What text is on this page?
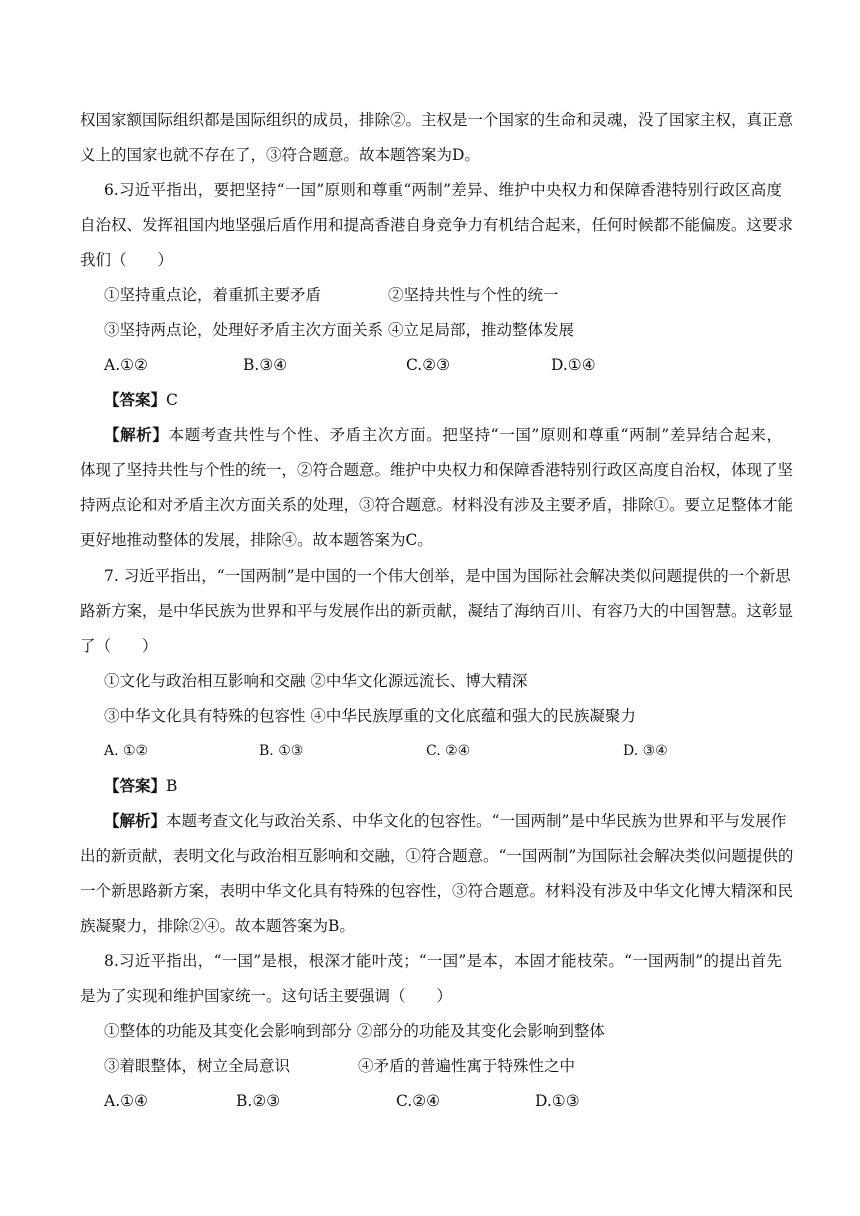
权国家额国际组织都是国际组织的成员，排除②。主权是一个国家的生命和灵魂，没了国家主权，真正意
义上的国家也就不存在了，③符合题意。故本题答案为D。
6.习近平指出，要把坚持“一国”原则和尊重“两制”差异、维护中央权力和保障香港特别行政区高度
自治权、发挥祖国内地坚强后盾作用和提高香港自身竞争力有机结合起来，任何时候都不能偏废。这要求
我们（　　）
①坚持重点论，着重抓主要矛盾	②坚持共性与个性的统一
③坚持两点论，处理好矛盾主次方面关系 ④立足局部，推动整体发展
A.①②	B.③④	C.②③	D.①④
【答案】C
【解析】本题考查共性与个性、矛盾主次方面。把坚持“一国”原则和尊重“两制”差异结合起来，
体现了坚持共性与个性的统一，②符合题意。维护中央权力和保障香港特别行政区高度自治权，体现了坚
持两点论和对矛盾主次方面关系的处理，③符合题意。材料没有涉及主要矛盾，排除①。要立足整体才能
更好地推动整体的发展，排除④。故本题答案为C。
7. 习近平指出，“一国两制”是中国的一个伟大创举，是中国为国际社会解决类似问题提供的一个新思
路新方案，是中华民族为世界和平与发展作出的新贡献，凝结了海纳百川、有容乃大的中国智慧。这彰显
了（　　）
①文化与政治相互影响和交融 ②中华文化源远流长、博大精深
③中华文化具有特殊的包容性 ④中华民族厚重的文化底蕴和强大的民族凝聚力
A. ①②	B. ①③	C. ②④	D. ③④
【答案】B
【解析】本题考查文化与政治关系、中华文化的包容性。“一国两制”是中华民族为世界和平与发展作
出的新贡献，表明文化与政治相互影响和交融，①符合题意。“一国两制”为国际社会解决类似问题提供的
一个新思路新方案，表明中华文化具有特殊的包容性，③符合题意。材料没有涉及中华文化博大精深和民
族凝聚力，排除②④。故本题答案为B。
8.习近平指出，“一国”是根，根深才能叶茂；“一国”是本，本固才能枝荣。“一国两制”的提出首先
是为了实现和维护国家统一。这句话主要强调（　　）
①整体的功能及其变化会影响到部分 ②部分的功能及其变化会影响到整体
③着眼整体，树立全局意识	④矛盾的普遍性寓于特殊性之中
A.①④	B.②③	C.②④	D.①③
